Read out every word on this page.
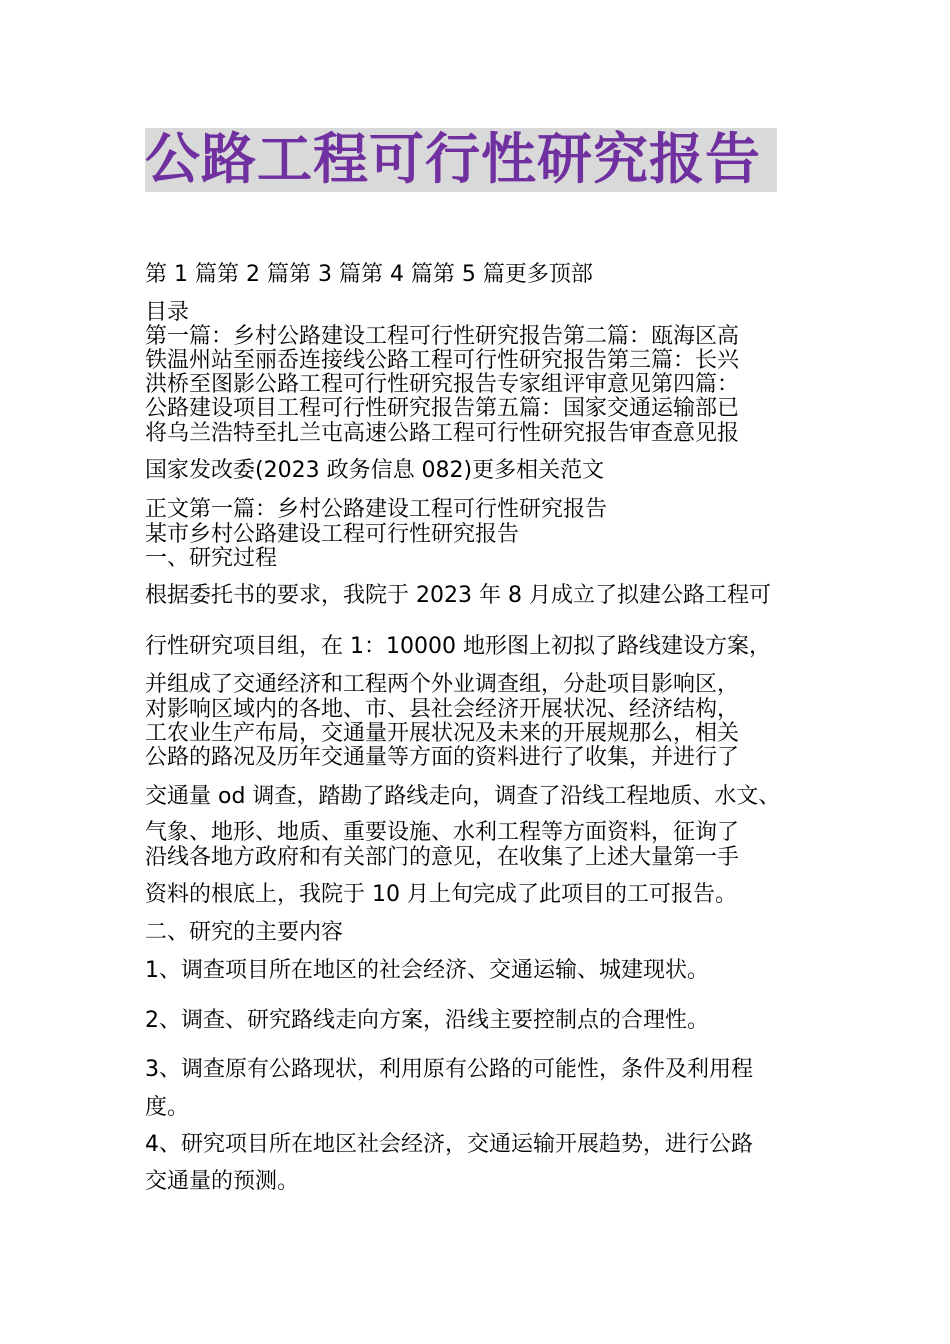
公路工程可行性研究报告
第 1 篇第 2 篇第 3 篇第 4 篇第 5 篇更多顶部
目录
第一篇：乡村公路建设工程可行性研究报告第二篇：瓯海区高
铁温州站至丽岙连接线公路工程可行性研究报告第三篇：长兴
洪桥至图影公路工程可行性研究报告专家组评审意见第四篇：
公路建设项目工程可行性研究报告第五篇：国家交通运输部已
将乌兰浩特至扎兰屯高速公路工程可行性研究报告审查意见报
国家发改委(2023 政务信息 082)更多相关范文
正文第一篇：乡村公路建设工程可行性研究报告
某市乡村公路建设工程可行性研究报告
一、研究过程
根据委托书的要求，我院于 2023 年 8 月成立了拟建公路工程可
行性研究项目组，在 1：10000 地形图上初拟了路线建设方案，
并组成了交通经济和工程两个外业调查组，分赴项目影响区，
对影响区域内的各地、市、县社会经济开展状况、经济结构，
工农业生产布局，交通量开展状况及未来的开展规那么，相关
公路的路况及历年交通量等方面的资料进行了收集，并进行了
交通量 od 调查，踏勘了路线走向，调查了沿线工程地质、水文、
气象、地形、地质、重要设施、水利工程等方面资料，征询了
沿线各地方政府和有关部门的意见，在收集了上述大量第一手
资料的根底上，我院于 10 月上旬完成了此项目的工可报告。
二、研究的主要内容
1、调查项目所在地区的社会经济、交通运输、城建现状。
2、调查、研究路线走向方案，沿线主要控制点的合理性。
3、调查原有公路现状，利用原有公路的可能性，条件及利用程
度。
4、研究项目所在地区社会经济，交通运输开展趋势，进行公路
交通量的预测。
